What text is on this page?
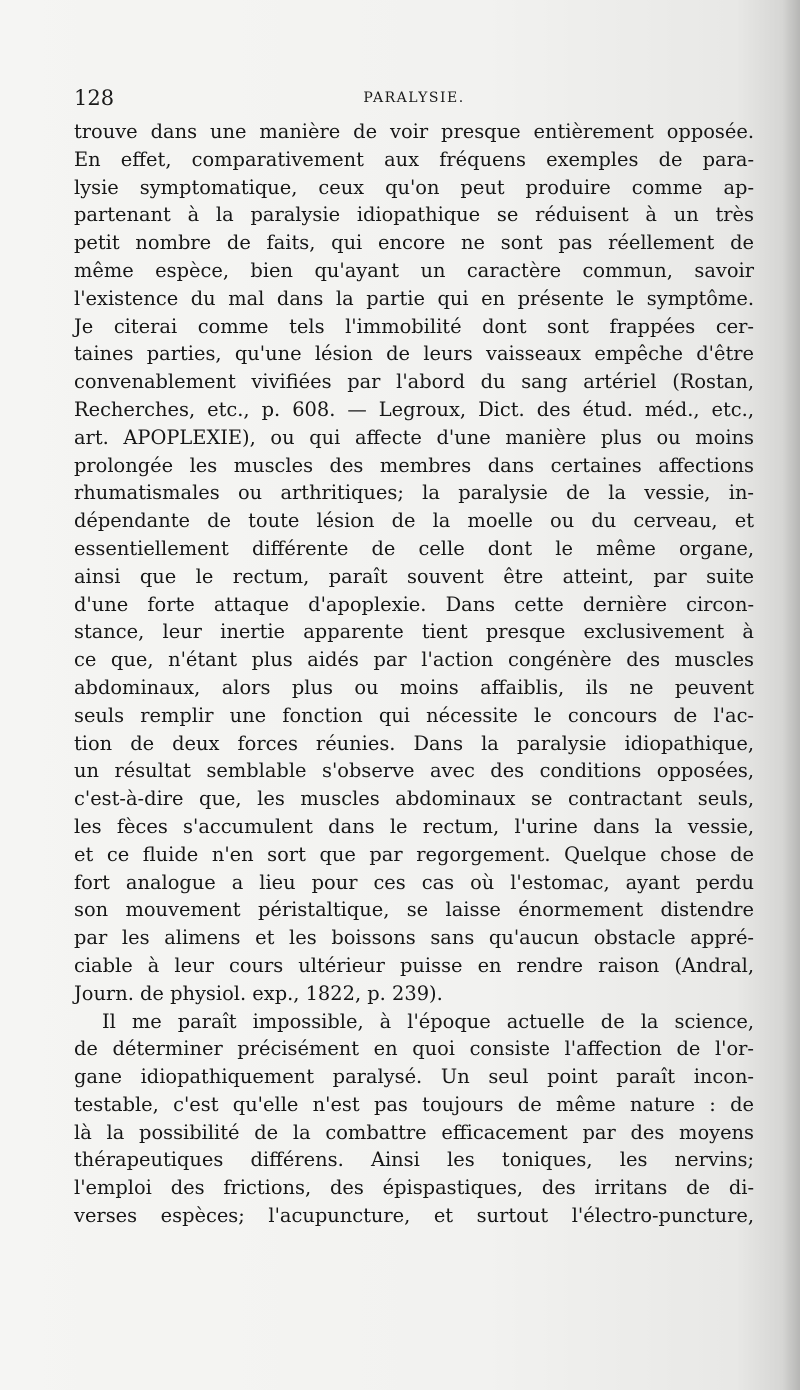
128	PARALYSIE.
trouve dans une manière de voir presque entièrement opposée.
En effet, comparativement aux fréquens exemples de para-
lysie symptomatique, ceux qu'on peut produire comme ap-
partenant à la paralysie idiopathique se réduisent à un très
petit nombre de faits, qui encore ne sont pas réellement de
même espèce, bien qu'ayant un caractère commun, savoir
l'existence du mal dans la partie qui en présente le symptôme.
Je citerai comme tels l'immobilité dont sont frappées cer-
taines parties, qu'une lésion de leurs vaisseaux empêche d'être
convenablement vivifiées par l'abord du sang artériel (Rostan,
Recherches, etc., p. 608. — Legroux, Dict. des étud. méd., etc.,
art. APOPLEXIE), ou qui affecte d'une manière plus ou moins
prolongée les muscles des membres dans certaines affections
rhumatismales ou arthritiques; la paralysie de la vessie, in-
dépendante de toute lésion de la moelle ou du cerveau, et
essentiellement différente de celle dont le même organe,
ainsi que le rectum, paraît souvent être atteint, par suite
d'une forte attaque d'apoplexie. Dans cette dernière circon-
stance, leur inertie apparente tient presque exclusivement à
ce que, n'étant plus aidés par l'action congénère des muscles
abdominaux, alors plus ou moins affaiblis, ils ne peuvent
seuls remplir une fonction qui nécessite le concours de l'ac-
tion de deux forces réunies. Dans la paralysie idiopathique,
un résultat semblable s'observe avec des conditions opposées,
c'est-à-dire que, les muscles abdominaux se contractant seuls,
les fèces s'accumulent dans le rectum, l'urine dans la vessie,
et ce fluide n'en sort que par regorgement. Quelque chose de
fort analogue a lieu pour ces cas où l'estomac, ayant perdu
son mouvement péristaltique, se laisse énormement distendre
par les alimens et les boissons sans qu'aucun obstacle appré-
ciable à leur cours ultérieur puisse en rendre raison (Andral,
Journ. de physiol. exp., 1822, p. 239).
Il me paraît impossible, à l'époque actuelle de la science,
de déterminer précisément en quoi consiste l'affection de l'or-
gane idiopathiquement paralysé. Un seul point paraît incon-
testable, c'est qu'elle n'est pas toujours de même nature : de
là la possibilité de la combattre efficacement par des moyens
thérapeutiques différens. Ainsi les toniques, les nervins;
l'emploi des frictions, des épispastiques, des irritans de di-
verses espèces; l'acupuncture, et surtout l'électro-puncture,
